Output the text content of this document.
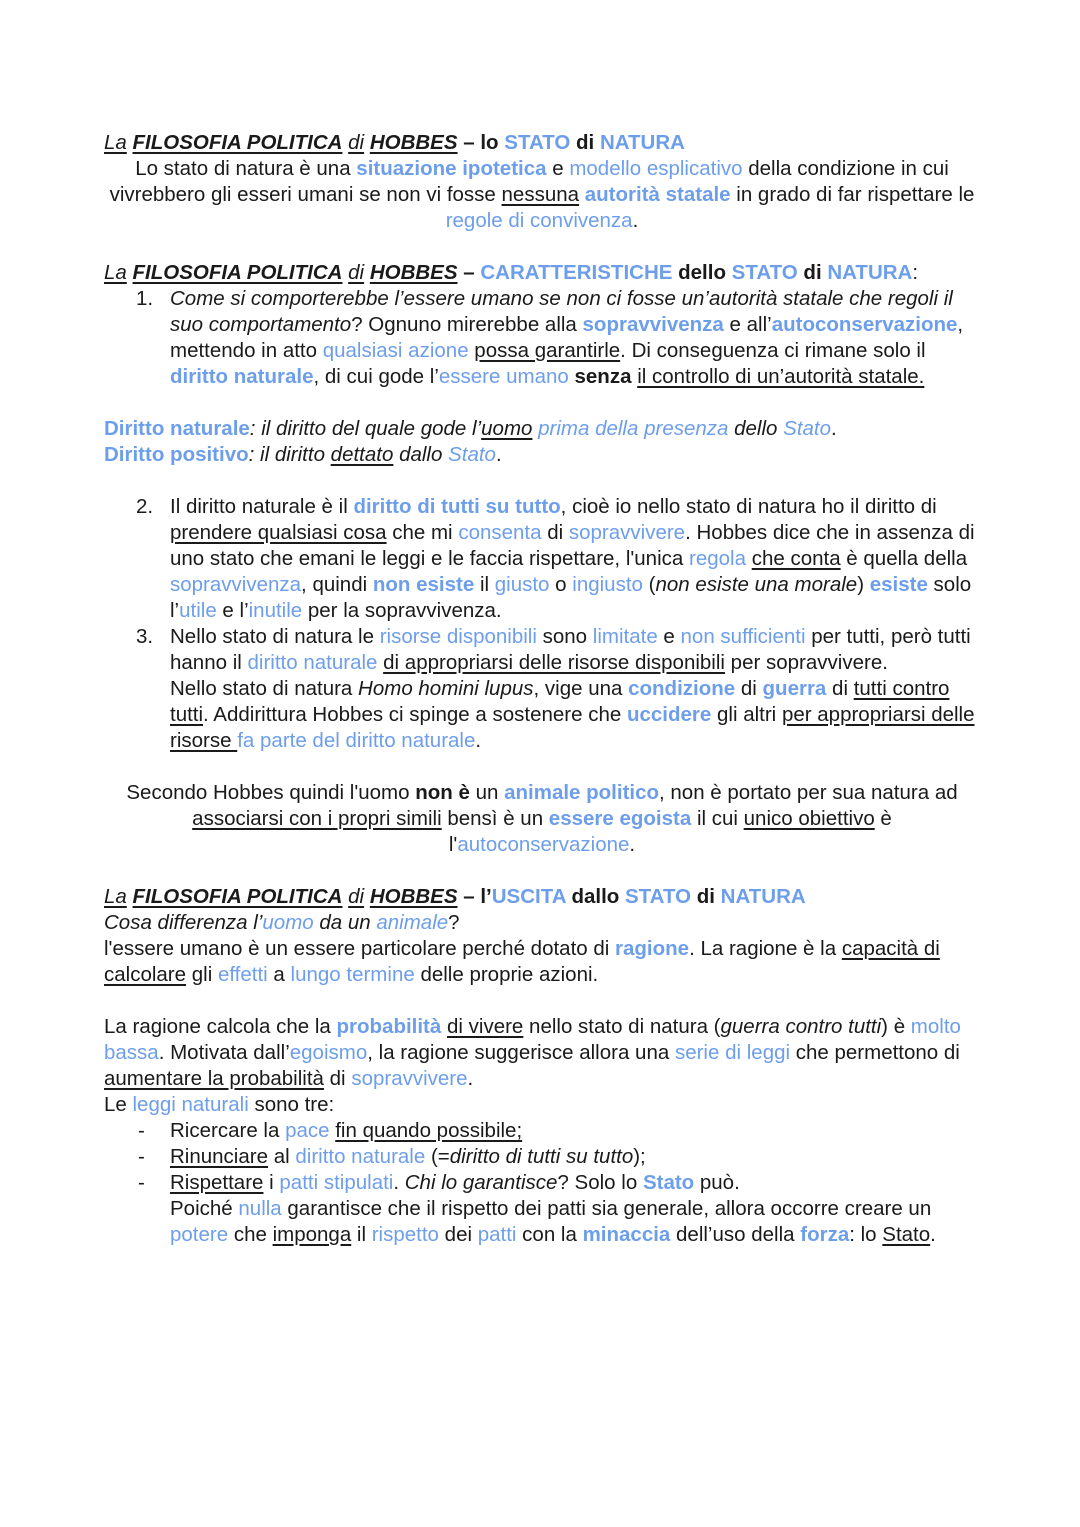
La FILOSOFIA POLITICA di HOBBES – lo STATO di NATURA

Lo stato di natura è una situazione ipotetica e modello esplicativo della condizione in cui vivrebbero gli esseri umani se non vi fosse nessuna autorità statale in grado di far rispettare le regole di convivenza.

La FILOSOFIA POLITICA di HOBBES – CARATTERISTICHE dello STATO di NATURA:

1. Come si comporterebbe l’essere umano se non ci fosse un’autorità statale che regoli il suo comportamento? Ognuno mirerebbe alla sopravvivenza e all’autoconservazione, mettendo in atto qualsiasi azione possa garantirle. Di conseguenza ci rimane solo il diritto naturale, di cui gode l’essere umano senza il controllo di un’autorità statale.

Diritto naturale: il diritto del quale gode l’uomo prima della presenza dello Stato.

Diritto positivo: il diritto dettato dallo Stato.

2. Il diritto naturale è il diritto di tutti su tutto, cioè io nello stato di natura ho il diritto di prendere qualsiasi cosa che mi consenta di sopravvivere. Hobbes dice che in assenza di uno stato che emani le leggi e le faccia rispettare, l'unica regola che conta è quella della sopravvivenza, quindi non esiste il giusto o ingiusto (non esiste una morale) esiste solo l’utile e l’inutile per la sopravvivenza.
3. Nello stato di natura le risorse disponibili sono limitate e non sufficienti per tutti, però tutti hanno il diritto naturale di appropriarsi delle risorse disponibili per sopravvivere.
Nello stato di natura Homo homini lupus, vige una condizione di guerra di tutti contro tutti. Addirittura Hobbes ci spinge a sostenere che uccidere gli altri per appropriarsi delle risorse fa parte del diritto naturale.

Secondo Hobbes quindi l'uomo non è un animale politico, non è portato per sua natura ad associarsi con i propri simili bensì è un essere egoista il cui unico obiettivo è l'autoconservazione.

La FILOSOFIA POLITICA di HOBBES – l’USCITA dallo STATO di NATURA

Cosa differenza l’uomo da un animale?

l'essere umano è un essere particolare perché dotato di ragione. La ragione è la capacità di calcolare gli effetti a lungo termine delle proprie azioni.

La ragione calcola che la probabilità di vivere nello stato di natura (guerra contro tutti) è molto bassa. Motivata dall’egoismo, la ragione suggerisce allora una serie di leggi che permettono di aumentare la probabilità di sopravvivere.

Le leggi naturali sono tre:

- Ricercare la pace fin quando possibile;
- Rinunciare al diritto naturale (=diritto di tutti su tutto);
- Rispettare i patti stipulati. Chi lo garantisce? Solo lo Stato può.
Poiché nulla garantisce che il rispetto dei patti sia generale, allora occorre creare un potere che imponga il rispetto dei patti con la minaccia dell’uso della forza: lo Stato.
